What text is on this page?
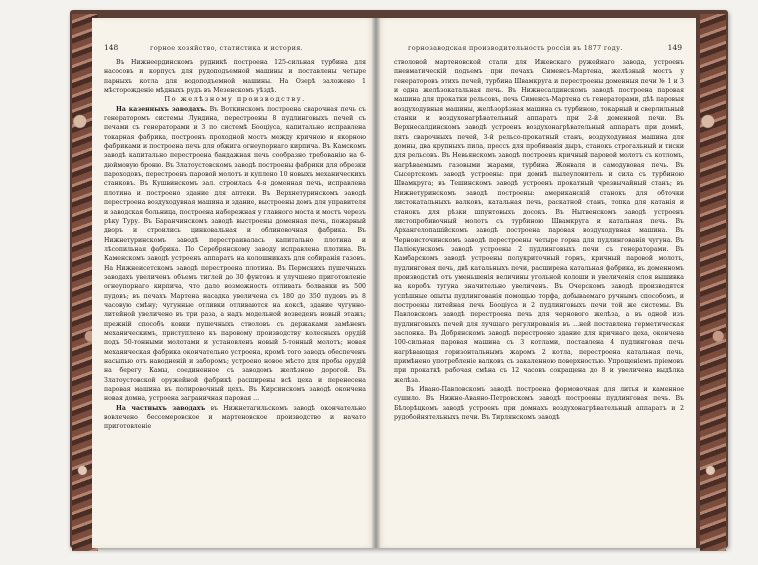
148	горное хозяйство, статистика и история.

Въ Нижнеердинскомъ рудникѣ построена 125-сильная турбина для насосовъ и корпусъ для рудоподъемной машины и поставлены четыре парныхъ котла для водоподъемной машины. На Озерѣ заложено 1 мѣсторожденіе мѣдныхъ рудъ въ Мезенскомъ уѣздѣ.

По желѣзному производству.

На казенныхъ заводахъ. Въ Воткинскомъ построена сварочная печь съ генераторомъ системы Лундина, перестроены 8 пудлинговыхъ печей съ печами съ генераторами и 3 по системѣ Бооціуса, капитально исправлена токарная фабрика, построенъ проходной мостъ между кричною и якорною фабриками и построена печь для обжига огнеупорнаго кирпича. Въ Камскомъ заводѣ капитально перестроена бандажная печь сообразно требованію на 6-дюймовую броню. Въ Златоустовскомъ заводѣ построены фабрики для обрезки пароходовъ, перестроенъ паровой молотъ и куплено 10 новыхъ механическихъ станковъ. Въ Кушвинскомъ зал. строилась 4-я доменная печь, исправлена плотина и построено здание для аптеки. Въ Верхнетуринскомъ заводѣ перестроена воздуходувная машина и здание, выстроены домъ для управителя и заводская больница, построена набережная у главного моста и мостъ черезъ рѣку Туру. Въ Баранчинскомъ заводѣ выстроены доменная печь, пожарный дворъ и строились цинковальная и облиновочная фабрика. Въ Нижнетуринскомъ заводѣ перестраивалась капитально плотина и лѣсопильная фабрика. По Серебрянскому заводу исправлена плотина. Въ Каменскомъ заводѣ устроенъ аппаратъ на колошникахъ для собиранія газовъ. На Нижнеисетскомъ заводѣ перестроена плотина. Въ Пермскихъ пушечныхъ заводахъ увеличенъ объемъ тиглей до 30 фунтовъ и улучшено приготовленіе огнеупорнаго кирпича, что дало возможность отливать болванки въ 500 пудовъ; въ печахъ Мартена насадка увеличена съ 180 до 350 пудовъ въ 8 часовую смѣну; чугунные отливки отливаются на коксѣ, здание чугунно-литейной увеличено въ три раза, а надъ модельной возведенъ новый этажъ; прежній способъ ковки пушечныхъ стволовъ съ держаками замѣненъ механическимъ, приступлено къ паровому производству колесныхъ орудій подъ 50-тонными молотами и установленъ новый 5-тонный молотъ; новая механическая фабрика окончательно устроена, кромѣ того заводъ обеспеченъ насыпью отъ наводненій и заборомъ; устроено новое мѣсто для пробы орудій на берегу Камы, соединенное съ заводомъ желѣзною дорогой. Въ Златоустовской оружейной фабрикѣ расширены всѣ цеха и перенесена паровая машина въ полировочный цехъ. Въ Кирсинскомъ заводѣ окончена новая домна, устроена заграничная паровая ...

На частныхъ заводахъ въ Нижнетагильскомъ заводѣ окончательно вовлечено бессемеровское и мартеновское производство и начато приготовленіе

горнозаводская производительность россіи въ 1877 году.	149

стволовой мартеновской стали для Ижевскаго ружейнаго завода, устроенъ пневматическій подъемъ при печахъ Сименсъ-Мартена, желѣзный мостъ у генераторовъ этихъ печей, турбина Швамкруга и перестроены доменныя печи № 1 и 3 и одна желѣзокатальная печь. Въ Нижнесалдинскомъ заводѣ построена паровая машина для прокатки рельсовъ, печь Сименсъ-Мартена съ генераторами, дѣѣ паровыя воздуходувныя машины, желѣзорѣзная машина съ турбиною, токарный и сверлильный станки и воздухонагрѣвательный аппаратъ при 2-й доменной печи. Въ Верхнесалдинскомъ заводѣ устроенъ воздухонагрѣвательный аппаратъ при домнѣ, пять сварочныхъ печей, 3-й рельсо-прокатный станъ, воздуходувная машина для домны, два крупныхъ пила, прессъ для пробиванія дыръ, станокъ строгальный и тиски для рельсовъ. Въ Невьянскомъ заводѣ построенъ кричный паровой молотъ съ котломъ, нагрѣваемымъ газовыми жарами, турбина Жонваля и самодувовая печь. Въ Сысертскомъ заводѣ устроены: при домнѣ пылеуловитель и сила съ турбиною Швамкруга; въ Тешинскомъ заводѣ устроенъ прокатный чрезвычайный станъ; въ Нижнетуринскомъ заводѣ построены: американскій станокъ для обточки листокатальныхъ валковъ, катальная печь, раскатной станъ, топка для катанія и станокъ для рѣзки шпунтовыхъ досокъ. Въ Нытвенскомъ заводѣ устроенъ листопробивочный молотъ съ турбиною Швамкруга и катальная печь. Въ Архангелопашійскомъ заводѣ построена паровая воздуходувная машина. Въ Черноисточинскомъ заводѣ перестроены четыре горна для пудлингованія чугуна. Въ Паліокунскомъ заводѣ устроены 2 пудлинговыхъ печи съ генераторами. Въ Камбарскомъ заводѣ устроены полукриточный горнъ, кричный паровой молотъ, пудлинговая печь, двѣ катальныхъ печи, расширена катальная фабрика, въ доменномъ производствѣ отъ уменьшенія величины угольной колоши и увеличенія слоя вышивка на коробъ тугуна значительно увеличенъ. Въ Очерскомъ заводѣ производятся успѣшные опыты пудлингованія помощью торфа, добываемаго ручнымъ способомъ, и построены литейная печь Бооціуса и 2 пудлинговыхъ печи той же системы. Въ Павловскомъ заводѣ перестроена печь для чернового желѣза, а въ одной изъ пудлинговыхъ печей для лучшаго регулированія въ ...ней поставлена герметическая заслонка. Въ Добрянскомъ заводѣ перестроено здание для кричнаго цеха, окончена 100-сильная паровая машина съ 3 котлами, поставлена 4 пудлинговая печь нагрѣвающая горизонтальнымъ жаромъ 2 котла, перестроена катальная печь, примѣнено употребленіе валковъ съ закаленною поверхностью. Упрощеніемъ пріемовъ при прокаткѣ рабочая смѣна съ 12 часовъ сокращена до 8 и увеличена выдѣлка желѣза.

Въ Ивано-Павловскомъ заводѣ построена формовочная для литья и каменное сушило. Въ Нижне-Аваяно-Петровскомъ заводѣ построены пудлинговая печь. Въ Бѣлорѣцкомъ заводѣ устроенъ при домнахъ воздухонагрѣвательный аппаратъ и 2 рудобойнятельныхъ печи. Въ Тирлянскомъ заводѣ
